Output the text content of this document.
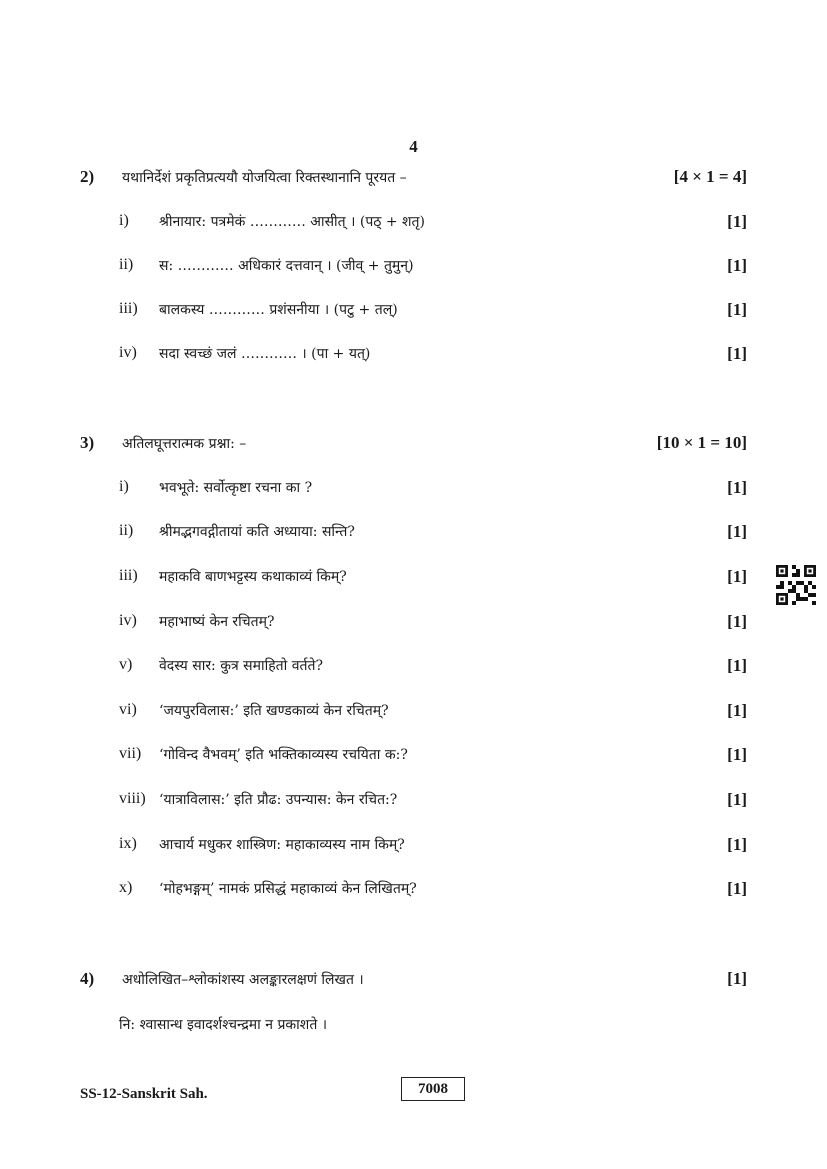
4
2) यथानिर्देशं प्रकृतिप्रत्ययौ योजयित्वा रिक्तस्थानानि पूरयत –	[4 × 1 = 4]
i) श्रीनायार: पत्रमेकं ………… आसीत् । (पठ् + शतृ)	[1]
ii) स: ………… अधिकारं दत्तवान् । (जीव् + तुमुन्)	[1]
iii) बालकस्य ………… प्रशंसनीया । (पटु + तल्)	[1]
iv) सदा स्वच्छं जलं ………… । (पा + यत्)	[1]
3) अतिलघूत्तरात्मक प्रश्ना: –	[10 × 1 = 10]
i) भवभूते: सर्वोत्कृष्टा रचना का ?	[1]
ii) श्रीमद्भगवद्गीतायां कति अध्याया: सन्ति?	[1]
iii) महाकवि बाणभट्टस्य कथाकाव्यं किम्?	[1]
iv) महाभाष्यं केन रचितम्?	[1]
v) वेदस्य सार: कुत्र समाहितो वर्तते?	[1]
vi) ‘जयपुरविलास:’ इति खण्डकाव्यं केन रचितम्?	[1]
vii) ‘गोविन्द वैभवम्’ इति भक्तिकाव्यस्य रचयिता क:?	[1]
viii) ‘यात्राविलास:’ इति प्रौढ: उपन्यास: केन रचित:?	[1]
ix) आचार्य मधुकर शास्त्रिण: महाकाव्यस्य नाम किम्?	[1]
x) ‘मोहभङ्गम्’ नामकं प्रसिद्धं महाकाव्यं केन लिखितम्?	[1]
4) अधोलिखित–श्लोकांशस्य अलङ्कारलक्षणं लिखत ।	[1]
नि: श्वासान्ध इवादर्शश्चन्द्रमा न प्रकाशते ।
SS-12-Sanskrit Sah.	7008
